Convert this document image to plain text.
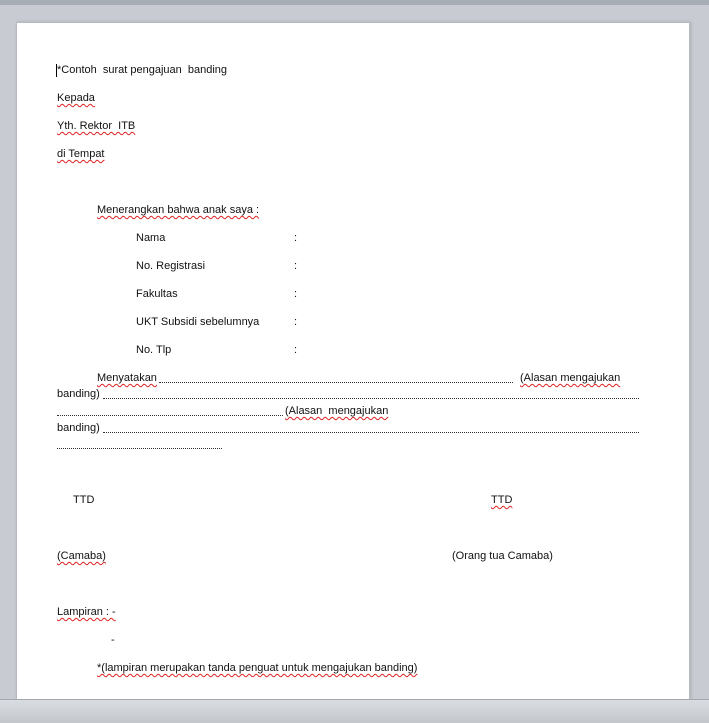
*Contoh  surat pengajuan  banding
Kepada
Yth. Rektor  ITB
di Tempat
Menerangkan bahwa anak saya :
Nama	:
No. Registrasi	:
Fakultas	:
UKT Subsidi sebelumnya	:
No. Tlp	:
Menyatakan	(Alasan mengajukan
banding)
(Alasan  mengajukan
banding)
TTD	TTD
(Camaba)	(Orang tua Camaba)
Lampiran : -
-
*(lampiran merupakan tanda penguat untuk mengajukan banding)
